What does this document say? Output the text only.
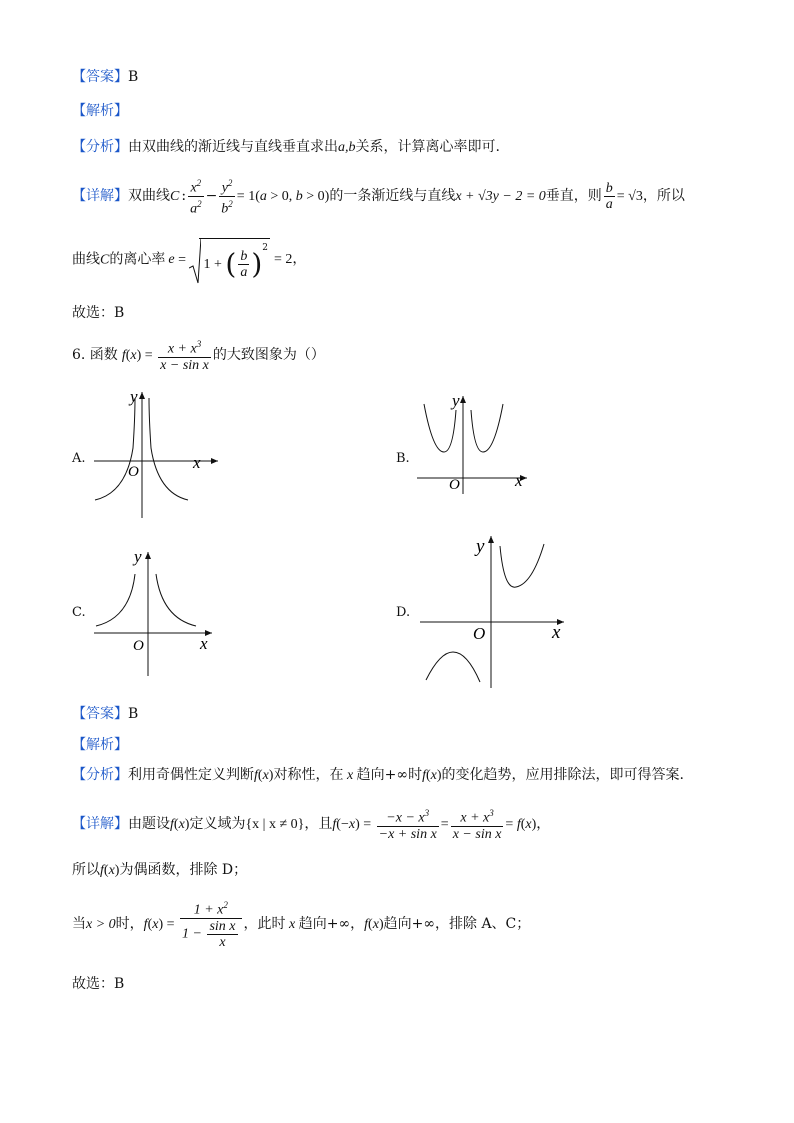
【答案】B
【解析】
【分析】由双曲线的渐近线与直线垂直求出a,b关系，计算离心率即可.
【详解】双曲线C : $\frac{x^2}{a^2} - \frac{y^2}{b^2} = 1(a > 0$, b > 0)的一条渐近线与直线x + √3y − 2 = 0垂直，则 $\frac{b}{a} = √3$，所以
曲线C的离心率 e =
1 + ( $\frac{b}{a} )^2= 2$，
故选：B
6. 函数 $f(x) = \frac{x + x^3}{\text{x − sin x}}$ 的大致图象为（）
A.
O	x
y
B.
O	x
y
C.
O	x
y
D.
O	x
y
【答案】B
【解析】
【分析】利用奇偶性定义判断f(x)对称性，在 x 趋向+∞时f(x)的变化趋势，应用排除法，即可得答案.
【详解】由题设f(x)定义域为{x | x ≠ 0}，且$f(-x) = \frac{-x - x^3}{\text{−x + sin x}} = \frac{x + x^3}{\text{x − sin x}} = f(x)$，
所以f(x)为偶函数，排除 D；
当x > 0时，$f(x) = \frac{1 + x^2}{1 - \frac{\text{sin x}}{x}}$ ，此时 x 趋向+∞，f(x)趋向+∞，排除 A、C；
故选：B
